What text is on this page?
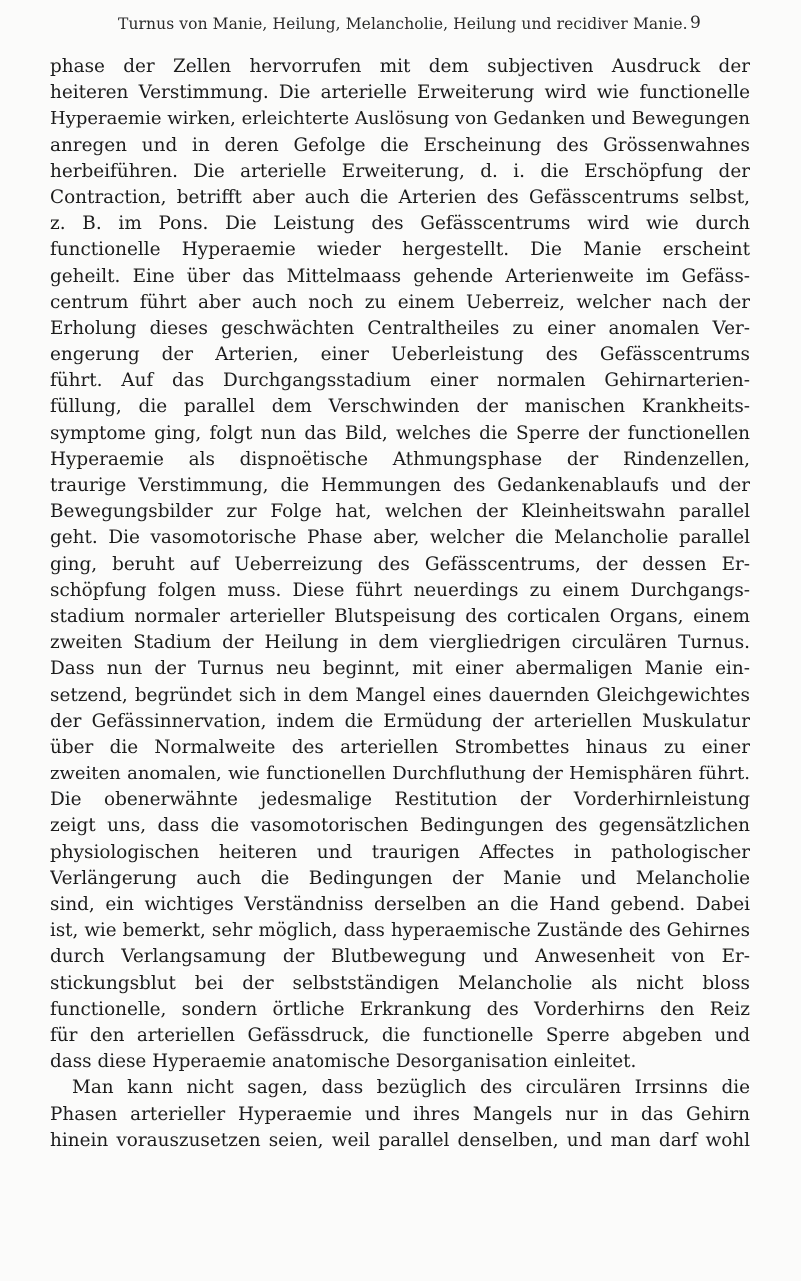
Turnus von Manie, Heilung, Melancholie, Heilung und recidiver Manie. 9
phase der Zellen hervorrufen mit dem subjectiven Ausdruck der
heiteren Verstimmung. Die arterielle Erweiterung wird wie functionelle
Hyperaemie wirken, erleichterte Auslösung von Gedanken und Bewegungen
anregen und in deren Gefolge die Erscheinung des Grössenwahnes
herbeiführen. Die arterielle Erweiterung, d. i. die Erschöpfung der
Contraction, betrifft aber auch die Arterien des Gefässcentrums selbst,
z. B. im Pons. Die Leistung des Gefässcentrums wird wie durch
functionelle Hyperaemie wieder hergestellt. Die Manie erscheint
geheilt. Eine über das Mittelmaass gehende Arterienweite im Gefäss-
centrum führt aber auch noch zu einem Ueberreiz, welcher nach der
Erholung dieses geschwächten Centraltheiles zu einer anomalen Ver-
engerung der Arterien, einer Ueberleistung des Gefässcentrums
führt. Auf das Durchgangsstadium einer normalen Gehirnarterien-
füllung, die parallel dem Verschwinden der manischen Krankheits-
symptome ging, folgt nun das Bild, welches die Sperre der functionellen
Hyperaemie als dispnoëtische Athmungsphase der Rindenzellen,
traurige Verstimmung, die Hemmungen des Gedankenablaufs und der
Bewegungsbilder zur Folge hat, welchen der Kleinheitswahn parallel
geht. Die vasomotorische Phase aber, welcher die Melancholie parallel
ging, beruht auf Ueberreizung des Gefässcentrums, der dessen Er-
schöpfung folgen muss. Diese führt neuerdings zu einem Durchgangs-
stadium normaler arterieller Blutspeisung des corticalen Organs, einem
zweiten Stadium der Heilung in dem viergliedrigen circulären Turnus.
Dass nun der Turnus neu beginnt, mit einer abermaligen Manie ein-
setzend, begründet sich in dem Mangel eines dauernden Gleichgewichtes
der Gefässinnervation, indem die Ermüdung der arteriellen Muskulatur
über die Normalweite des arteriellen Strombettes hinaus zu einer
zweiten anomalen, wie functionellen Durchfluthung der Hemisphären führt.
Die obenerwähnte jedesmalige Restitution der Vorderhirnleistung
zeigt uns, dass die vasomotorischen Bedingungen des gegensätzlichen
physiologischen heiteren und traurigen Affectes in pathologischer
Verlängerung auch die Bedingungen der Manie und Melancholie
sind, ein wichtiges Verständniss derselben an die Hand gebend. Dabei
ist, wie bemerkt, sehr möglich, dass hyperaemische Zustände des Gehirnes
durch Verlangsamung der Blutbewegung und Anwesenheit von Er-
stickungsblut bei der selbstständigen Melancholie als nicht bloss
functionelle, sondern örtliche Erkrankung des Vorderhirns den Reiz
für den arteriellen Gefässdruck, die functionelle Sperre abgeben und
dass diese Hyperaemie anatomische Desorganisation einleitet.
Man kann nicht sagen, dass bezüglich des circulären Irrsinns die
Phasen arterieller Hyperaemie und ihres Mangels nur in das Gehirn
hinein vorauszusetzen seien, weil parallel denselben, und man darf wohl
